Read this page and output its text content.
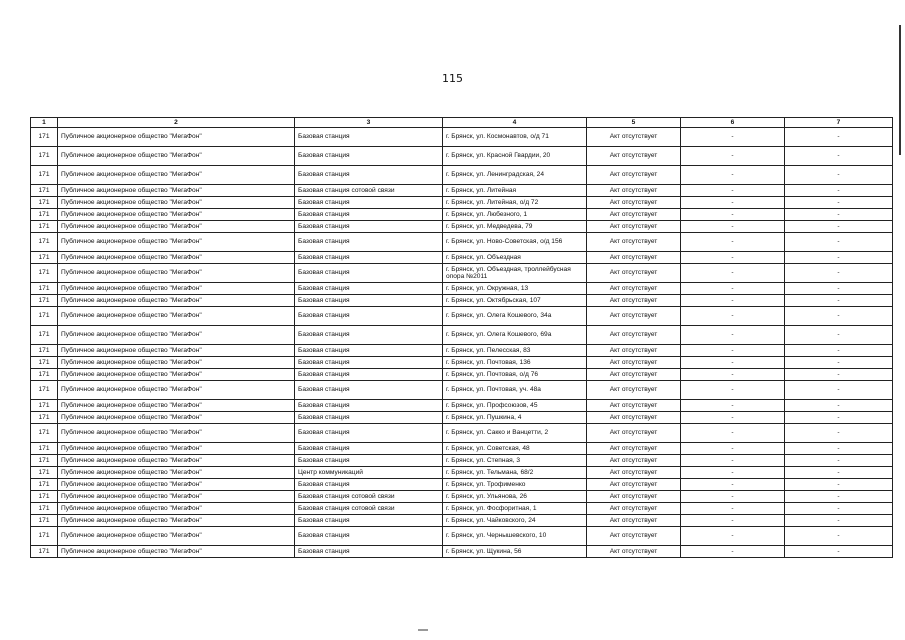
115
1	2	3	4	5	6	7
171	Публичное акционерное общество "МегаФон"	Базовая станция	г. Брянск, ул. Космонавтов, о/д 71	Акт отсутствует	-	-
171	Публичное акционерное общество "МегаФон"	Базовая станция	г. Брянск, ул. Красной Гвардии, 20	Акт отсутствует	-	-
171	Публичное акционерное общество "МегаФон"	Базовая станция	г. Брянск, ул. Ленинградская, 24	Акт отсутствует	-	-
171	Публичное акционерное общество "МегаФон"	Базовая станция сотовой связи	г. Брянск, ул. Литейная	Акт отсутствует	-	-
171	Публичное акционерное общество "МегаФон"	Базовая станция	г. Брянск, ул. Литейная, о/д 72	Акт отсутствует	-	-
171	Публичное акционерное общество "МегаФон"	Базовая станция	г. Брянск, ул. Любезного, 1	Акт отсутствует	-	-
171	Публичное акционерное общество "МегаФон"	Базовая станция	г. Брянск, ул. Медведева, 79	Акт отсутствует	-	-
171	Публичное акционерное общество "МегаФон"	Базовая станция	г. Брянск, ул. Ново-Советская, о/д 156	Акт отсутствует	-	-
171	Публичное акционерное общество "МегаФон"	Базовая станция	г. Брянск, ул. Объездная	Акт отсутствует	-	-
171	Публичное акционерное общество "МегаФон"	Базовая станция	г. Брянск, ул. Объездная, троллейбусная опора №2011	Акт отсутствует	-	-
171	Публичное акционерное общество "МегаФон"	Базовая станция	г. Брянск, ул. Окружная, 13	Акт отсутствует	-	-
171	Публичное акционерное общество "МегаФон"	Базовая станция	г. Брянск, ул. Октябрьская, 107	Акт отсутствует	-	-
171	Публичное акционерное общество "МегаФон"	Базовая станция	г. Брянск, ул. Олега Кошевого, 34а	Акт отсутствует	-	-
171	Публичное акционерное общество "МегаФон"	Базовая станция	г. Брянск, ул. Олега Кошевого, 69а	Акт отсутствует	-	-
171	Публичное акционерное общество "МегаФон"	Базовая станция	г. Брянск, ул. Пелесская, 83	Акт отсутствует	-	-
171	Публичное акционерное общество "МегаФон"	Базовая станция	г. Брянск, ул. Почтовая, 136	Акт отсутствует	-	-
171	Публичное акционерное общество "МегаФон"	Базовая станция	г. Брянск, ул. Почтовая, о/д 76	Акт отсутствует	-	-
171	Публичное акционерное общество "МегаФон"	Базовая станция	г. Брянск, ул. Почтовая, уч. 48а	Акт отсутствует	-	-
171	Публичное акционерное общество "МегаФон"	Базовая станция	г. Брянск, ул. Профсоюзов, 45	Акт отсутствует	-	-
171	Публичное акционерное общество "МегаФон"	Базовая станция	г. Брянск, ул. Пушкина, 4	Акт отсутствует	-	-
171	Публичное акционерное общество "МегаФон"	Базовая станция	г. Брянск, ул. Сакко и Ванцетти, 2	Акт отсутствует	-	-
171	Публичное акционерное общество "МегаФон"	Базовая станция	г. Брянск, ул. Советская, 48	Акт отсутствует	-	-
171	Публичное акционерное общество "МегаФон"	Базовая станция	г. Брянск, ул. Степная, 3	Акт отсутствует	-	-
171	Публичное акционерное общество "МегаФон"	Центр коммуникаций	г. Брянск, ул. Тельмана, 68/2	Акт отсутствует	-	-
171	Публичное акционерное общество "МегаФон"	Базовая станция	г. Брянск, ул. Трофименко	Акт отсутствует	-	-
171	Публичное акционерное общество "МегаФон"	Базовая станция сотовой связи	г. Брянск, ул. Ульянова, 26	Акт отсутствует	-	-
171	Публичное акционерное общество "МегаФон"	Базовая станция сотовой связи	г. Брянск, ул. Фосфоритная, 1	Акт отсутствует	-	-
171	Публичное акционерное общество "МегаФон"	Базовая станция	г. Брянск, ул. Чайковского, 24	Акт отсутствует	-	-
171	Публичное акционерное общество "МегаФон"	Базовая станция	г. Брянск, ул. Чернышевского, 10	Акт отсутствует	-	-
171	Публичное акционерное общество "МегаФон"	Базовая станция	г. Брянск, ул. Щукина, 56	Акт отсутствует	-	-
